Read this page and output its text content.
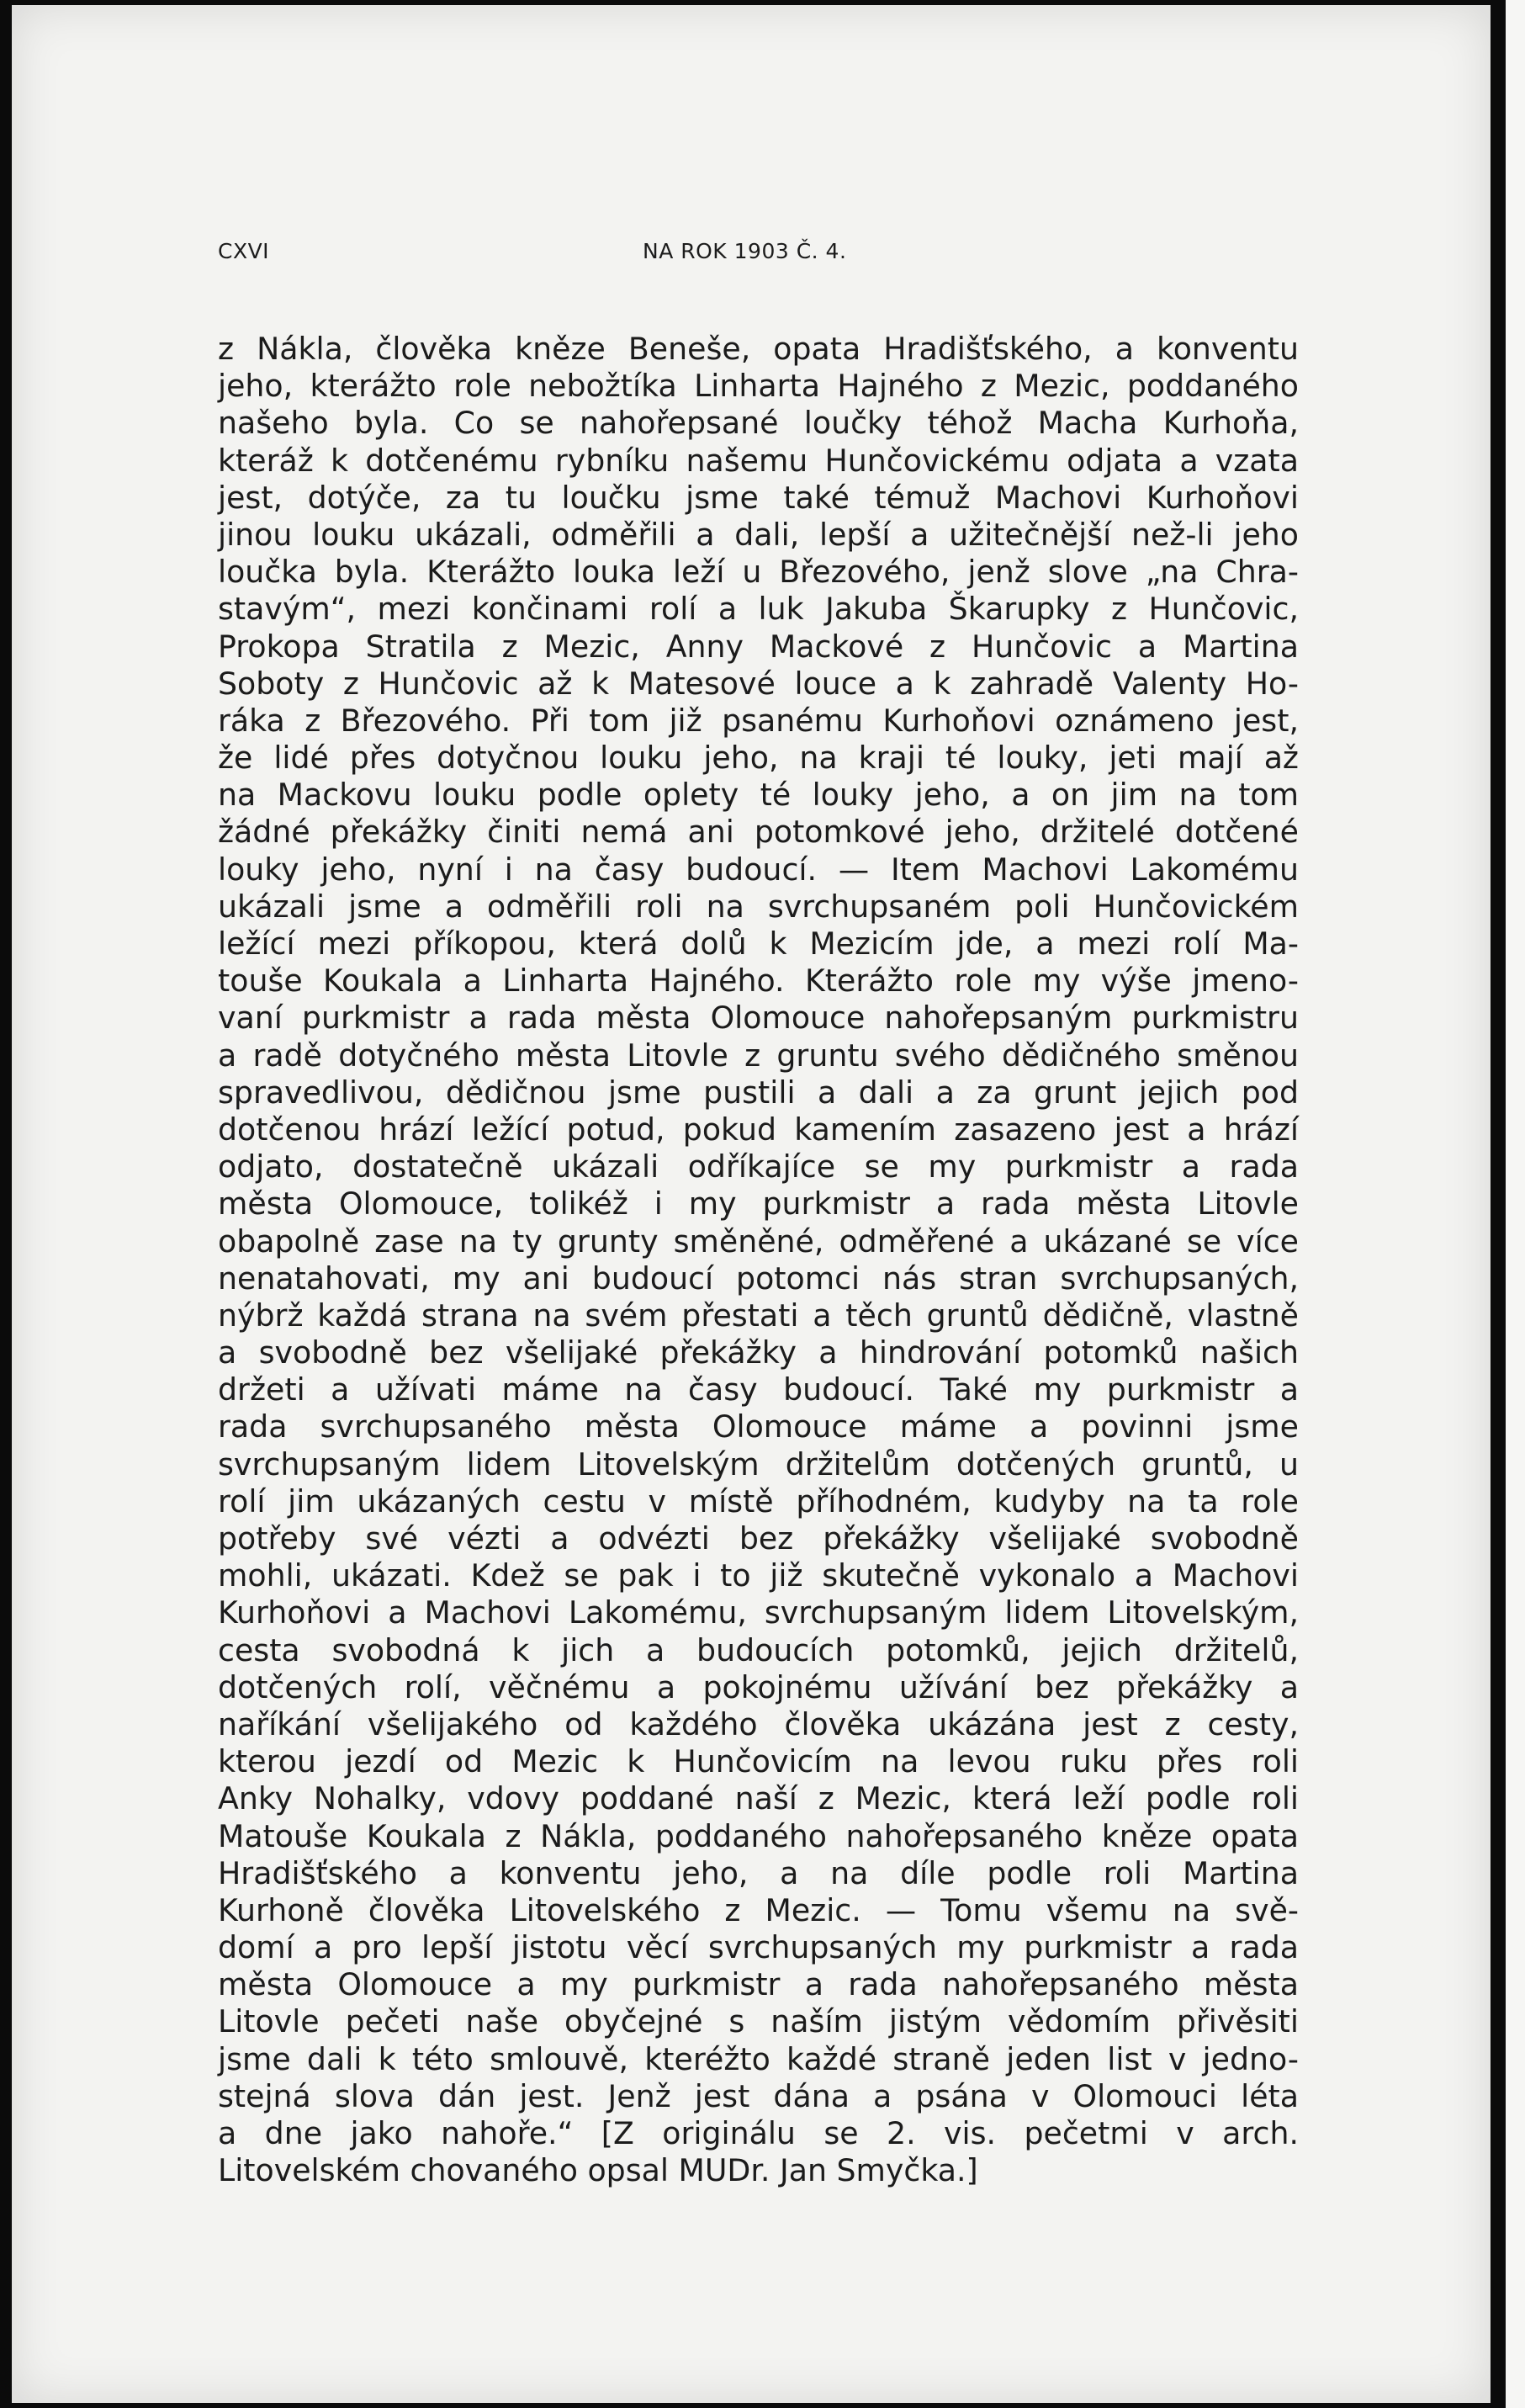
CXVI	NA ROK 1903 Č. 4.
z Nákla, člověka kněze Beneše, opata Hradišťského, a konventu
jeho, kterážto role nebožtíka Linharta Hajného z Mezic, poddaného
našeho byla. Co se nahořepsané loučky téhož Macha Kurhoňa,
kteráž k dotčenému rybníku našemu Hunčovickému odjata a vzata
jest, dotýče, za tu loučku jsme také témuž Machovi Kurhoňovi
jinou louku ukázali, odměřili a dali, lepší a užitečnější než-li jeho
loučka byla. Kterážto louka leží u Březového, jenž slove „na Chra-
stavým“, mezi končinami rolí a luk Jakuba Škarupky z Hunčovic,
Prokopa Stratila z Mezic, Anny Mackové z Hunčovic a Martina
Soboty z Hunčovic až k Matesové louce a k zahradě Valenty Ho-
ráka z Březového. Při tom již psanému Kurhoňovi oznámeno jest,
že lidé přes dotyčnou louku jeho, na kraji té louky, jeti mají až
na Mackovu louku podle oplety té louky jeho, a on jim na tom
žádné překážky činiti nemá ani potomkové jeho, držitelé dotčené
louky jeho, nyní i na časy budoucí. — Item Machovi Lakomému
ukázali jsme a odměřili roli na svrchupsaném poli Hunčovickém
ležící mezi příkopou, která dolů k Mezicím jde, a mezi rolí Ma-
touše Koukala a Linharta Hajného. Kterážto role my výše jmeno-
vaní purkmistr a rada města Olomouce nahořepsaným purkmistru
a radě dotyčného města Litovle z gruntu svého dědičného směnou
spravedlivou, dědičnou jsme pustili a dali a za grunt jejich pod
dotčenou hrází ležící potud, pokud kamením zasazeno jest a hrází
odjato, dostatečně ukázali odříkajíce se my purkmistr a rada
města Olomouce, tolikéž i my purkmistr a rada města Litovle
obapolně zase na ty grunty směněné, odměřené a ukázané se více
nenatahovati, my ani budoucí potomci nás stran svrchupsaných,
nýbrž každá strana na svém přestati a těch gruntů dědičně, vlastně
a svobodně bez všelijaké překážky a hindrování potomků našich
držeti a užívati máme na časy budoucí. Také my purkmistr a
rada svrchupsaného města Olomouce máme a povinni jsme
svrchupsaným lidem Litovelským držitelům dotčených gruntů, u
rolí jim ukázaných cestu v místě příhodném, kudyby na ta role
potřeby své vézti a odvézti bez překážky všelijaké svobodně
mohli, ukázati. Kdež se pak i to již skutečně vykonalo a Machovi
Kurhoňovi a Machovi Lakomému, svrchupsaným lidem Litovelským,
cesta svobodná k jich a budoucích potomků, jejich držitelů,
dotčených rolí, věčnému a pokojnému užívání bez překážky a
naříkání všelijakého od každého člověka ukázána jest z cesty,
kterou jezdí od Mezic k Hunčovicím na levou ruku přes roli
Anky Nohalky, vdovy poddané naší z Mezic, která leží podle roli
Matouše Koukala z Nákla, poddaného nahořepsaného kněze opata
Hradišťského a konventu jeho, a na díle podle roli Martina
Kurhoně člověka Litovelského z Mezic. — Tomu všemu na svě-
domí a pro lepší jistotu věcí svrchupsaných my purkmistr a rada
města Olomouce a my purkmistr a rada nahořepsaného města
Litovle pečeti naše obyčejné s naším jistým vědomím přivěsiti
jsme dali k této smlouvě, kteréžto každé straně jeden list v jedno-
stejná slova dán jest. Jenž jest dána a psána v Olomouci léta
a dne jako nahoře.“ [Z originálu se 2. vis. pečetmi v arch.
Litovelském chovaného opsal MUDr. Jan Smyčka.]
